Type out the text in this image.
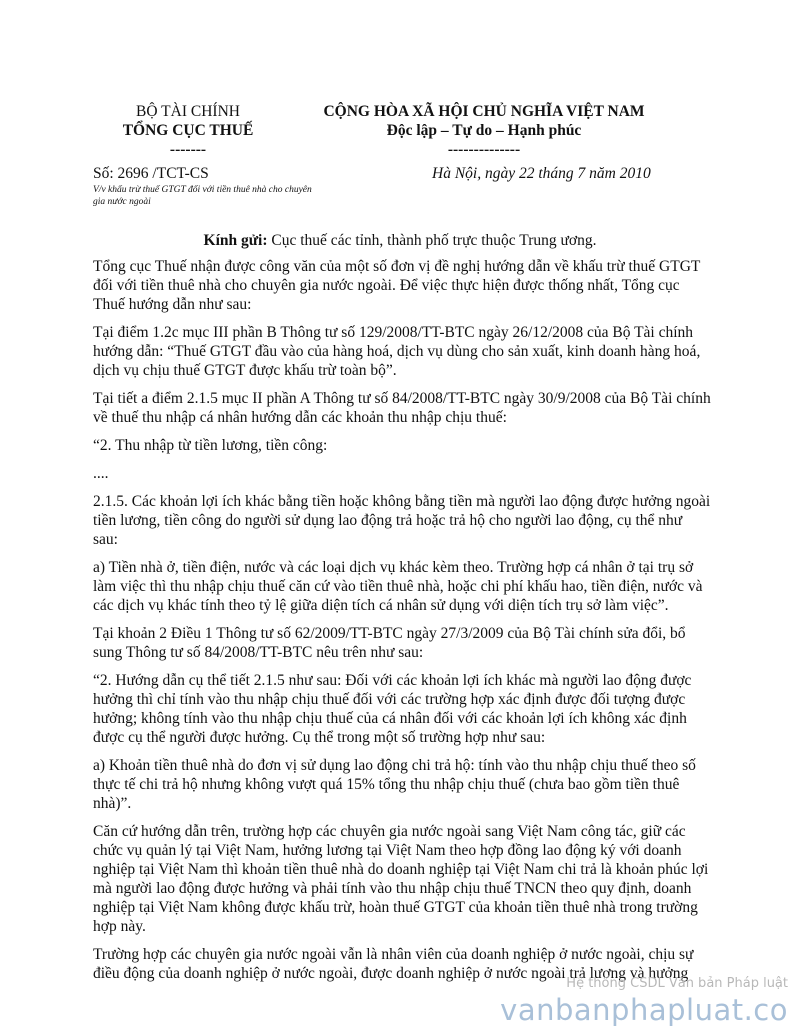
BỘ TÀI CHÍNH
TỔNG CỤC THUẾ
-------
CỘNG HÒA XÃ HỘI CHỦ NGHĨA VIỆT NAM
Độc lập – Tự do – Hạnh phúc
--------------
Số: 2696 /TCT-CS
V/v khấu trừ thuế GTGT đối với tiền thuê nhà cho chuyên gia nước ngoài
Hà Nội, ngày 22 tháng 7 năm 2010
Kính gửi: Cục thuế các tỉnh, thành phố trực thuộc Trung ương.

Tổng cục Thuế nhận được công văn của một số đơn vị đề nghị hướng dẫn về khấu trừ thuế GTGT đối với tiền thuê nhà cho chuyên gia nước ngoài. Để việc thực hiện được thống nhất, Tổng cục Thuế hướng dẫn như sau:

Tại điểm 1.2c mục III phần B Thông tư số 129/2008/TT-BTC ngày 26/12/2008 của Bộ Tài chính hướng dẫn: “Thuế GTGT đầu vào của hàng hoá, dịch vụ dùng cho sản xuất, kinh doanh hàng hoá, dịch vụ chịu thuế GTGT được khấu trừ toàn bộ”.

Tại tiết a điểm 2.1.5 mục II phần A Thông tư số 84/2008/TT-BTC ngày 30/9/2008 của Bộ Tài chính về thuế thu nhập cá nhân hướng dẫn các khoản thu nhập chịu thuế:

“2. Thu nhập từ tiền lương, tiền công:

....

2.1.5. Các khoản lợi ích khác bằng tiền hoặc không bằng tiền mà người lao động được hưởng ngoài tiền lương, tiền công do người sử dụng lao động trả hoặc trả hộ cho người lao động, cụ thể như sau:

a) Tiền nhà ở, tiền điện, nước và các loại dịch vụ khác kèm theo. Trường hợp cá nhân ở tại trụ sở làm việc thì thu nhập chịu thuế căn cứ vào tiền thuê nhà, hoặc chi phí khấu hao, tiền điện, nước và các dịch vụ khác tính theo tỷ lệ giữa diện tích cá nhân sử dụng với diện tích trụ sở làm việc”.

Tại khoản 2 Điều 1 Thông tư số 62/2009/TT-BTC ngày 27/3/2009 của Bộ Tài chính sửa đổi, bổ sung Thông tư số 84/2008/TT-BTC nêu trên như sau:

“2. Hướng dẫn cụ thể tiết 2.1.5 như sau: Đối với các khoản lợi ích khác mà người lao động được hưởng thì chỉ tính vào thu nhập chịu thuế đối với các trường hợp xác định được đối tượng được hưởng; không tính vào thu nhập chịu thuế của cá nhân đối với các khoản lợi ích không xác định được cụ thể người được hưởng. Cụ thể trong một số trường hợp như sau:

a) Khoản tiền thuê nhà do đơn vị sử dụng lao động chi trả hộ: tính vào thu nhập chịu thuế theo số thực tế chi trả hộ nhưng không vượt quá 15% tổng thu nhập chịu thuế (chưa bao gồm tiền thuê nhà)”.

Căn cứ hướng dẫn trên, trường hợp các chuyên gia nước ngoài sang Việt Nam công tác, giữ các chức vụ quản lý tại Việt Nam, hưởng lương tại Việt Nam theo hợp đồng lao động ký với doanh nghiệp tại Việt Nam thì khoản tiền thuê nhà do doanh nghiệp tại Việt Nam chi trả là khoản phúc lợi mà người lao động được hưởng và phải tính vào thu nhập chịu thuế TNCN theo quy định, doanh nghiệp tại Việt Nam không được khấu trừ, hoàn thuế GTGT của khoản tiền thuê nhà trong trường hợp này.

Trường hợp các chuyên gia nước ngoài vẫn là nhân viên của doanh nghiệp ở nước ngoài, chịu sự điều động của doanh nghiệp ở nước ngoài, được doanh nghiệp ở nước ngoài trả lương và hưởng

Hệ thống CSDL Văn bản Pháp luật
vanbanphapluat.co
